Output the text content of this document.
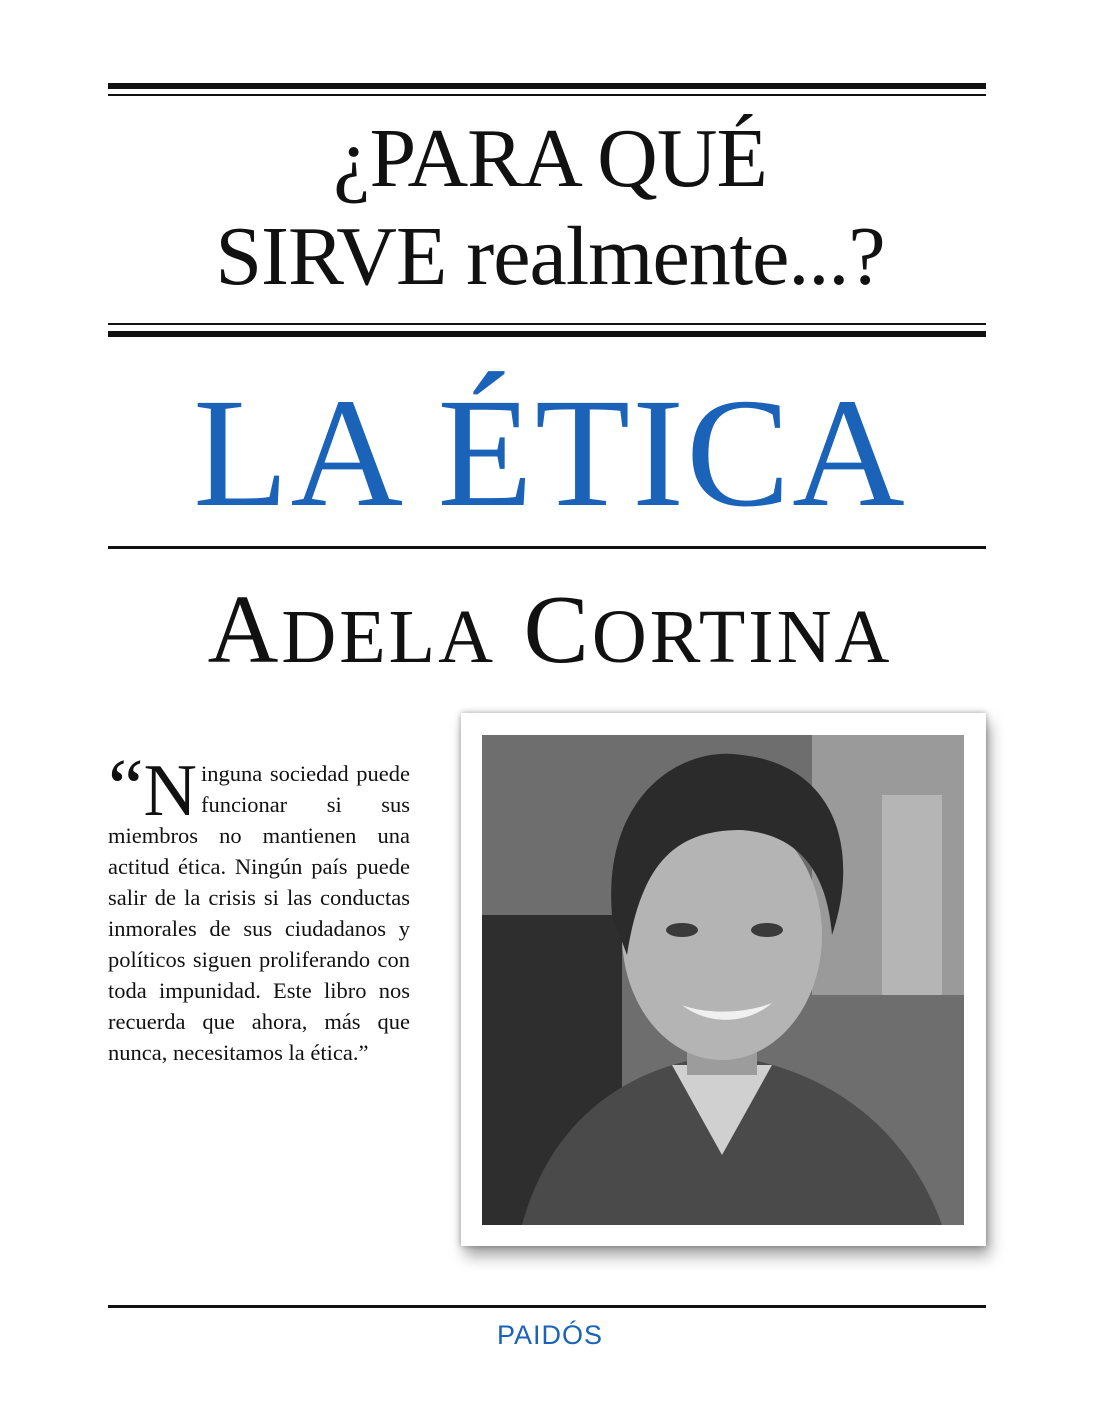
¿PARA QUÉ
SIRVE realmente...?
LA ÉTICA
ADELA CORTINA
“ N inguna sociedad puede funcionar si sus miembros no mantienen una actitud ética. Ningún país puede salir de la crisis si las conductas inmorales de sus ciudadanos y políticos siguen proliferando con toda impunidad. Este libro nos recuerda que ahora, más que nunca, necesitamos la ética.”
PAIDÓS
